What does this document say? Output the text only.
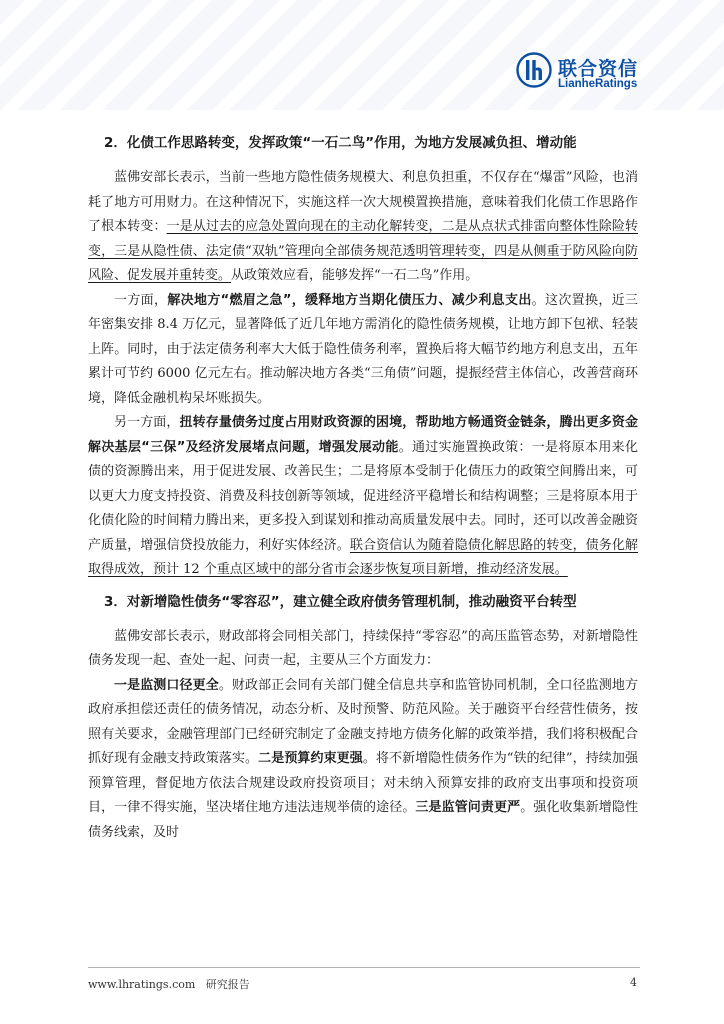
联合资信
LianheRatings
2．化债工作思路转变，发挥政策“一石二鸟”作用，为地方发展减负担、增动能

蓝佛安部长表示，当前一些地方隐性债务规模大、利息负担重，不仅存在“爆雷”风险，也消耗了地方可用财力。在这种情况下，实施这样一次大规模置换措施，意味着我们化债工作思路作了根本转变：一是从过去的应急处置向现在的主动化解转变，二是从点状式排雷向整体性除险转变，三是从隐性债、法定债“双轨”管理向全部债务规范透明管理转变，四是从侧重于防风险向防风险、促发展并重转变。从政策效应看，能够发挥“一石二鸟”作用。

一方面，解决地方“燃眉之急”，缓释地方当期化债压力、减少利息支出。这次置换，近三年密集安排 8.4 万亿元，显著降低了近几年地方需消化的隐性债务规模，让地方卸下包袱、轻装上阵。同时，由于法定债务利率大大低于隐性债务利率，置换后将大幅节约地方利息支出，五年累计可节约 6000 亿元左右。推动解决地方各类“三角债”问题，提振经营主体信心，改善营商环境，降低金融机构呆坏账损失。

另一方面，扭转存量债务过度占用财政资源的困境，帮助地方畅通资金链条，腾出更多资金解决基层“三保”及经济发展堵点问题，增强发展动能。通过实施置换政策：一是将原本用来化债的资源腾出来，用于促进发展、改善民生；二是将原本受制于化债压力的政策空间腾出来，可以更大力度支持投资、消费及科技创新等领域，促进经济平稳增长和结构调整；三是将原本用于化债化险的时间精力腾出来，更多投入到谋划和推动高质量发展中去。同时，还可以改善金融资产质量，增强信贷投放能力，利好实体经济。联合资信认为随着隐债化解思路的转变，债务化解取得成效，预计 12 个重点区域中的部分省市会逐步恢复项目新增，推动经济发展。

3．对新增隐性债务“零容忍”，建立健全政府债务管理机制，推动融资平台转型

蓝佛安部长表示，财政部将会同相关部门，持续保持“零容忍”的高压监管态势，对新增隐性债务发现一起、查处一起、问责一起，主要从三个方面发力：

一是监测口径更全。财政部正会同有关部门健全信息共享和监管协同机制，全口径监测地方政府承担偿还责任的债务情况，动态分析、及时预警、防范风险。关于融资平台经营性债务，按照有关要求，金融管理部门已经研究制定了金融支持地方债务化解的政策举措，我们将积极配合抓好现有金融支持政策落实。二是预算约束更强。将不新增隐性债务作为“铁的纪律”，持续加强预算管理，督促地方依法合规建设政府投资项目；对未纳入预算安排的政府支出事项和投资项目，一律不得实施，坚决堵住地方违法违规举债的途径。三是监管问责更严。强化收集新增隐性债务线索，及时

www.lhratings.com 研究报告	4
